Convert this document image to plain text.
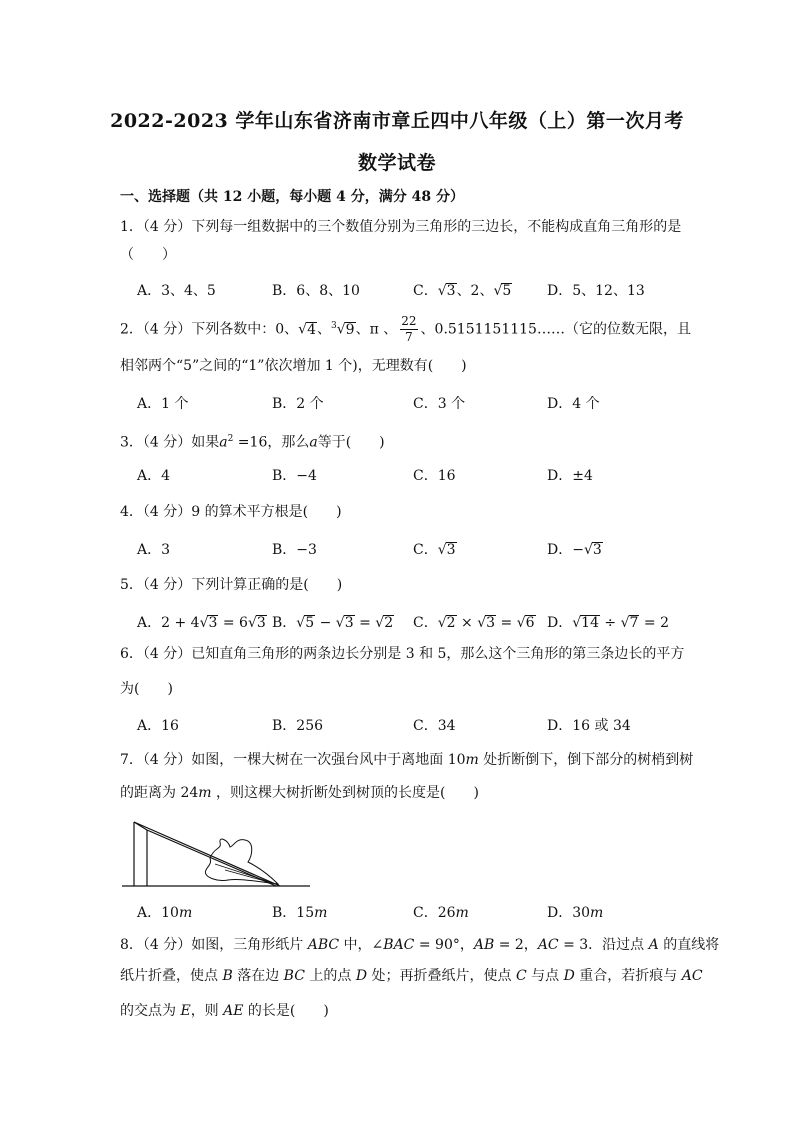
2022-2023 学年山东省济南市章丘四中八年级（上）第一次月考
数学试卷
一、选择题（共 12 小题，每小题 4 分，满分 48 分）
1．（4 分）下列每一组数据中的三个数值分别为三角形的三边长，不能构成直角三角形的是
（　　）
A．3、4、5	B．6、8、10	C．√3、2、√5	D．5、12、13
2．（4 分）下列各数中：0、√4、$^3$√9、π 、 $\frac{22}{7}$ 、0.5151151115……（它的位数无限，且
相邻两个“5”之间的“1”依次增加 1 个)，无理数有(　　)
A．1 个	B．2 个	C．3 个	D．4 个
3．（4 分）如果$a^2 =16$，那么a等于(　　)
A．4	B．−4	C．16	D．±4
4．（4 分）9 的算术平方根是(　　)
A．3	B．−3	C．√3	D．−√3
5．（4 分）下列计算正确的是(　　)
A．2 + 4√3 = 6√3 B．√5 − √3 = √2 C．√2 × √3 = √6 D．√14 ÷ √7 = 2
6．（4 分）已知直角三角形的两条边长分别是 3 和 5，那么这个三角形的第三条边长的平方
为(　　)
A．16	B．256	C．34	D．16 或 34
7．（4 分）如图，一棵大树在一次强台风中于离地面 10m 处折断倒下，倒下部分的树梢到树
的距离为 24m ，则这棵大树折断处到树顶的长度是(　　)
A．10m	B．15m	C．26m	D．30m
8．（4 分）如图，三角形纸片 ABC 中，∠BAC = 90°，AB = 2，AC = 3．沿过点 A 的直线将
纸片折叠，使点 B 落在边 BC 上的点 D 处；再折叠纸片，使点 C 与点 D 重合，若折痕与 AC
的交点为 E，则 AE 的长是(　　)
